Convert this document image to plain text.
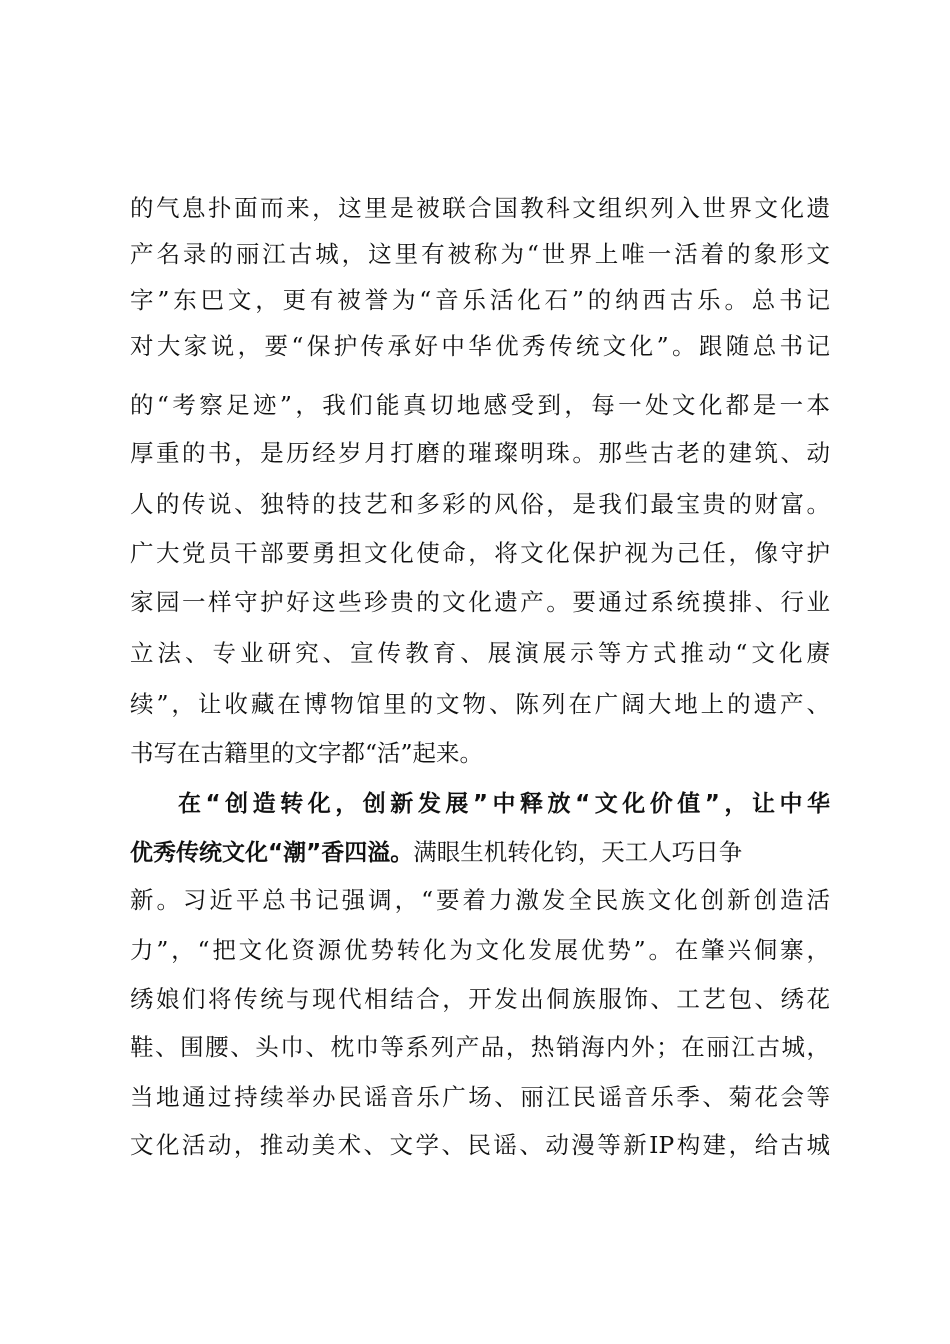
的气息扑面而来，这里是被联合国教科文组织列入世界文化遗
产名录的丽江古城，这里有被称为“世界上唯一活着的象形文
字”东巴文，更有被誉为“音乐活化石”的纳西古乐。总书记
对大家说，要“保护传承好中华优秀传统文化”。跟随总书记
的“考察足迹”，我们能真切地感受到，每一处文化都是一本
厚重的书，是历经岁月打磨的璀璨明珠。那些古老的建筑、动
人的传说、独特的技艺和多彩的风俗，是我们最宝贵的财富。
广大党员干部要勇担文化使命，将文化保护视为己任，像守护
家园一样守护好这些珍贵的文化遗产。要通过系统摸排、行业
立法、专业研究、宣传教育、展演展示等方式推动“文化赓
续”，让收藏在博物馆里的文物、陈列在广阔大地上的遗产、
书写在古籍里的文字都“活”起来。
在“创造转化，创新发展”中释放“文化价值”，让中华
优秀传统文化“潮”香四溢。满眼生机转化钧，天工人巧日争
新。习近平总书记强调，“要着力激发全民族文化创新创造活
力”，“把文化资源优势转化为文化发展优势”。在肇兴侗寨，
绣娘们将传统与现代相结合，开发出侗族服饰、工艺包、绣花
鞋、围腰、头巾、枕巾等系列产品，热销海内外；在丽江古城，
当地通过持续举办民谣音乐广场、丽江民谣音乐季、菊花会等
文化活动，推动美术、文学、民谣、动漫等新IP构建，给古城
